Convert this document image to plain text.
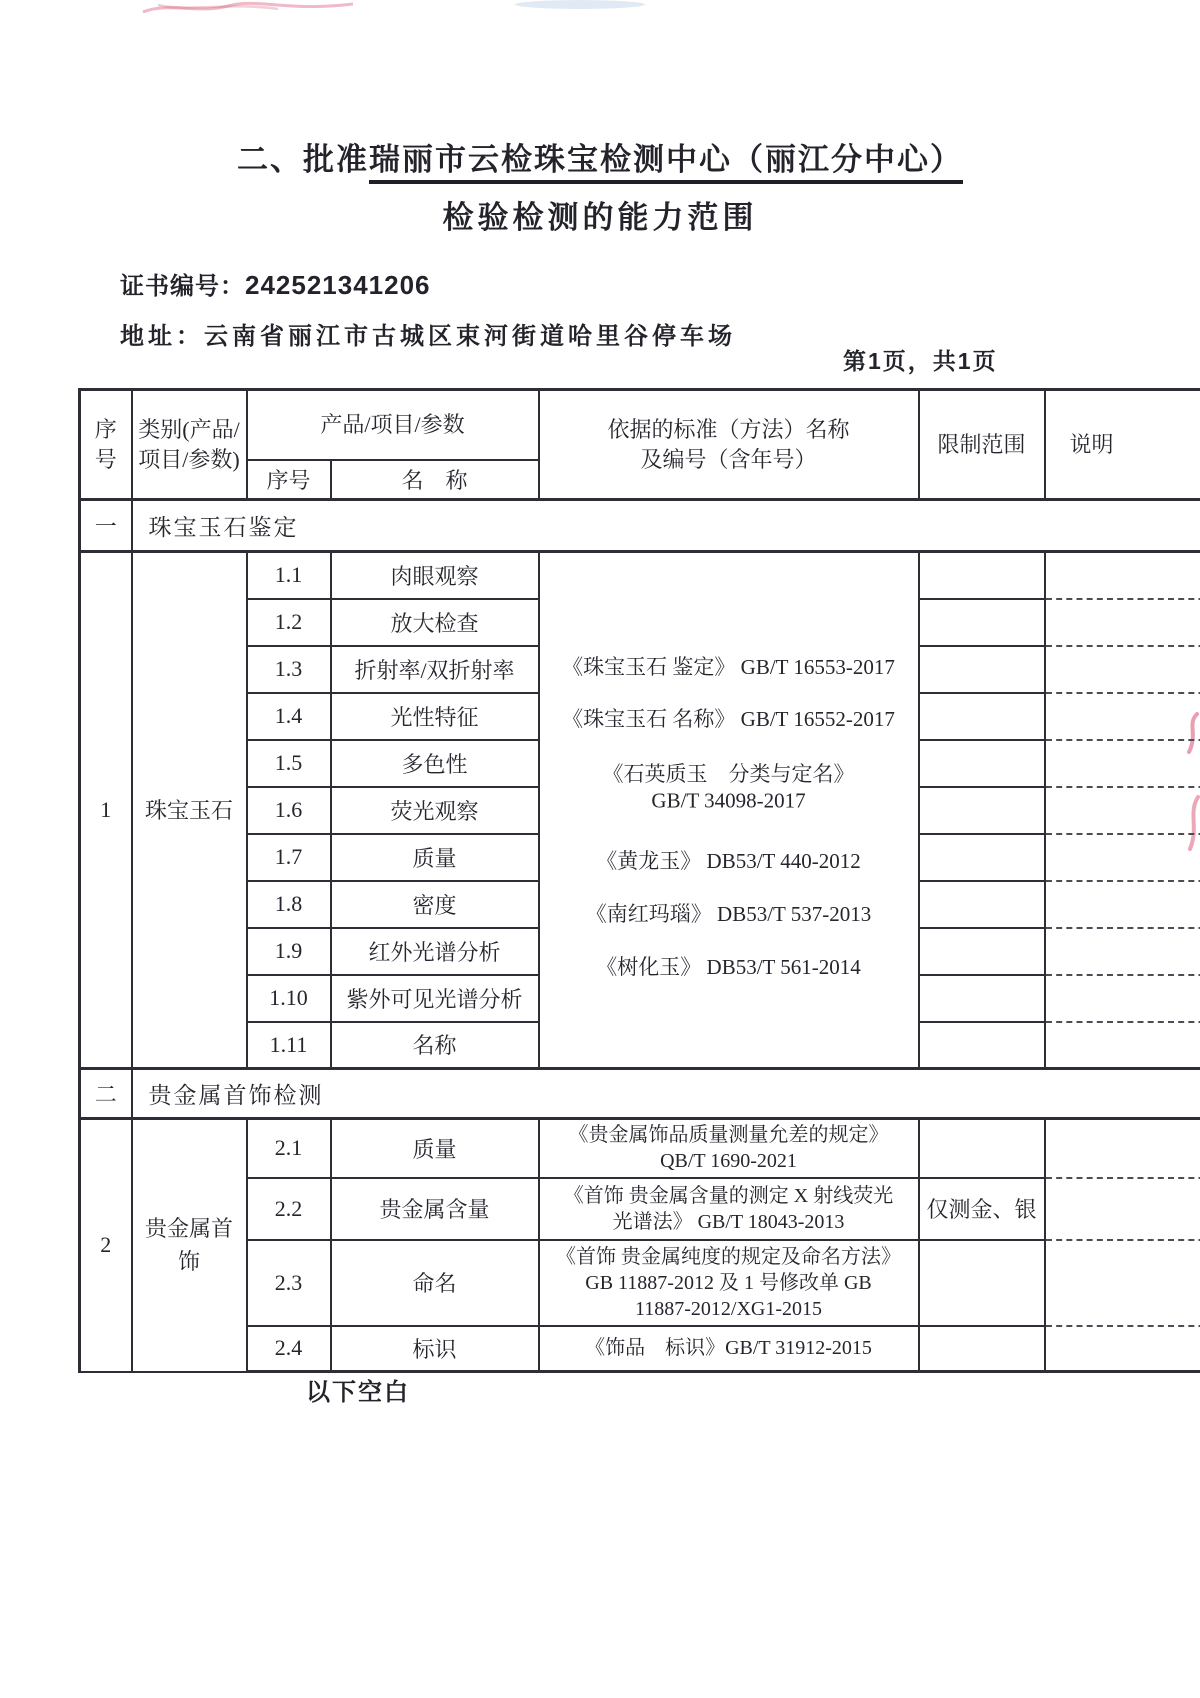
二、批准瑞丽市云检珠宝检测中心（丽江分中心）
检验检测的能力范围
证书编号：242521341206
地址：云南省丽江市古城区束河街道哈里谷停车场
第1页，共1页
序号	类别(产品/项目/参数)	产品/项目/参数		依据的标准（方法）名称
及编号（含年号）	限制范围	说明
		序号	名　称			
一	珠宝玉石鉴定					
1	珠宝玉石	1.1	肉眼观察	
《珠宝玉石 鉴定》 GB/T 16553-2017
《珠宝玉石 名称》 GB/T 16552-2017
《石英质玉　分类与定名》
GB/T 34098-2017
《黄龙玉》 DB53/T 440-2012
《南红玛瑙》 DB53/T 537-2013
《树化玉》 DB53/T 561-2014

		1.2	放大检查			
		1.3	折射率/双折射率			
		1.4	光性特征			
		1.5	多色性			
		1.6	荧光观察			
		1.7	质量			
		1.8	密度			
		1.9	红外光谱分析			
		1.10	紫外可见光谱分析			
		1.11	名称			
二	贵金属首饰检测					
2	贵金属首饰	2.1	质量	《贵金属饰品质量测量允差的规定》
QB/T 1690-2021		

		2.2	贵金属含量	《首饰 贵金属含量的测定 X 射线荧光
光谱法》 GB/T 18043-2013	仅测金、银	
		2.3	命名	《首饰 贵金属纯度的规定及命名方法》
GB 11887-2012 及 1 号修改单 GB
11887-2012/XG1-2015		

		2.4	标识	《饰品　标识》GB/T 31912-2015		

以下空白
